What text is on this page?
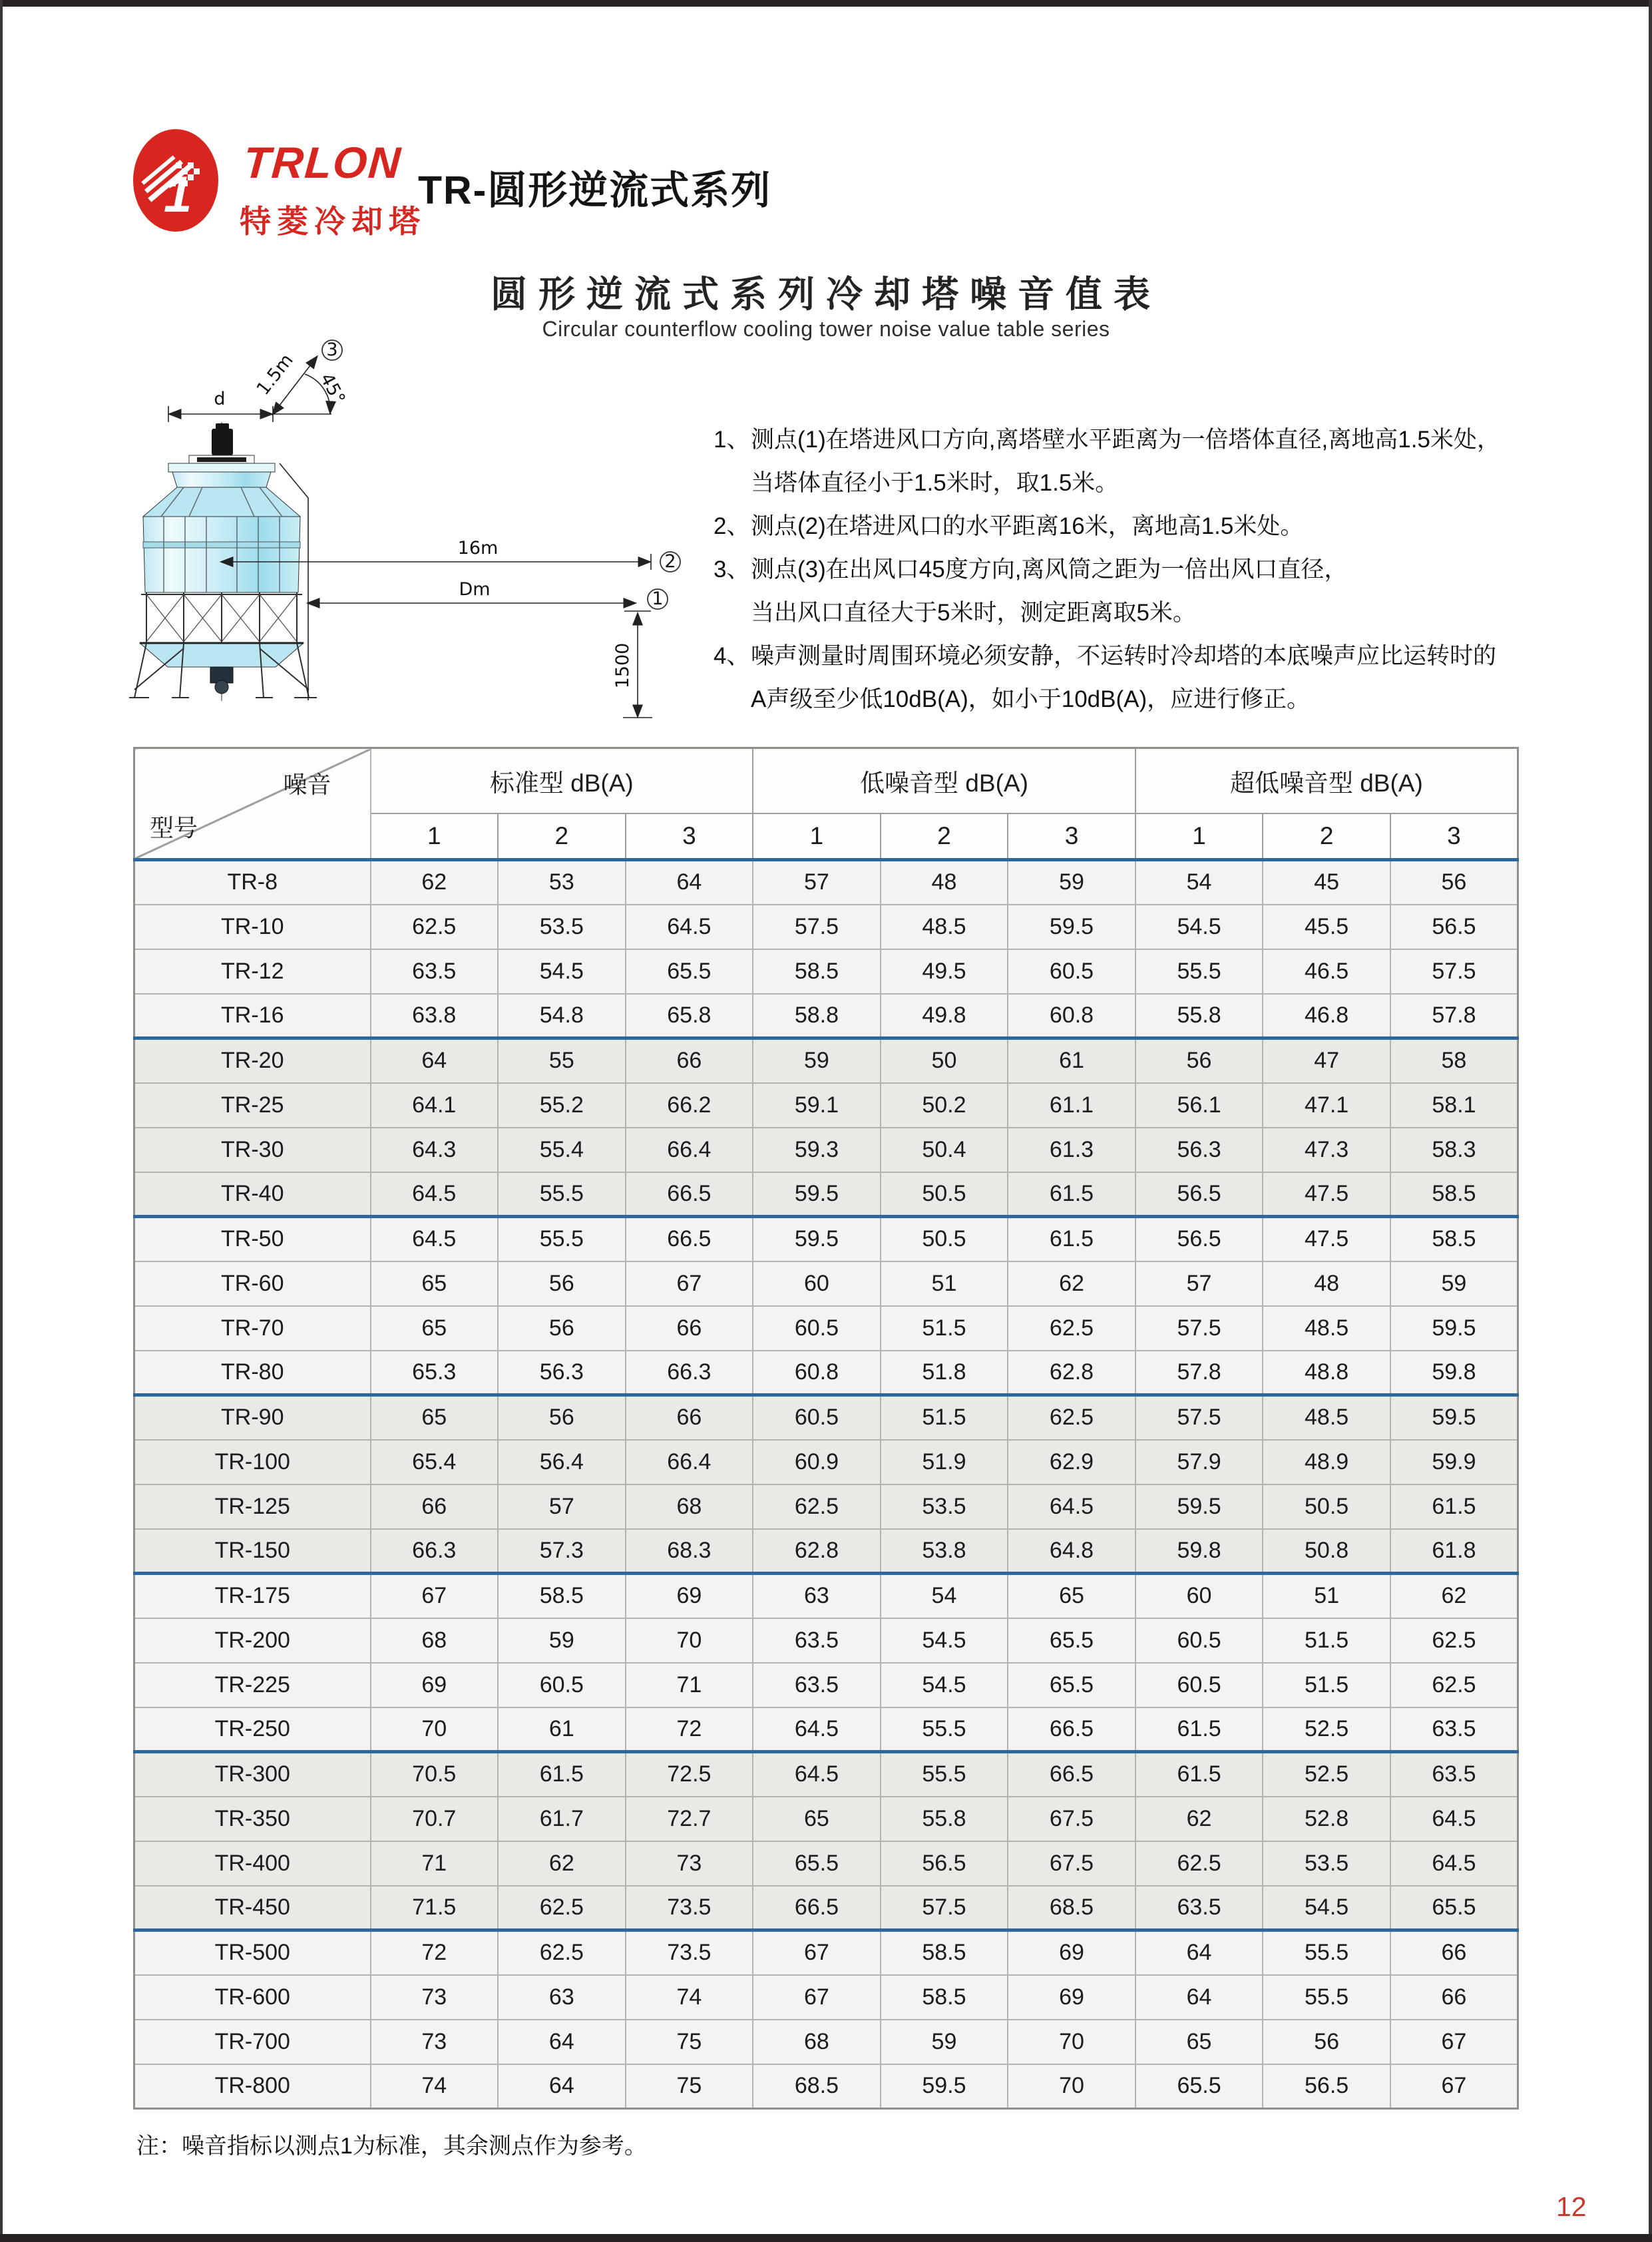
1
TRLON
特菱冷却塔
TR-圆形逆流式系列
圆形逆流式系列冷却塔噪音值表
Circular counterflow cooling tower noise value table series
d 1.5m 45°
3
16m
2
Dm	1
1500
1、 测点(1)在塔进风口方向,离塔壁水平距离为一倍塔体直径,离地高1.5米处，
当塔体直径小于1.5米时，取1.5米。
2、 测点(2)在塔进风口的水平距离16米，离地高1.5米处。
3、 测点(3)在出风口45度方向,离风筒之距为一倍出风口直径，
当出风口直径大于5米时，测定距离取5米。
4、 噪声测量时周围环境必须安静，不运转时冷却塔的本底噪声应比运转时的
A声级至少低10dB(A)，如小于10dB(A)，应进行修正。
噪音
型号	标准型 dB(A)			低噪音型 dB(A)			超低噪音型 dB(A)		
	1	2	3	1	2	3	1	2	3
TR-8	62	53	64	57	48	59	54	45	56
TR-10	62.5	53.5	64.5	57.5	48.5	59.5	54.5	45.5	56.5
TR-12	63.5	54.5	65.5	58.5	49.5	60.5	55.5	46.5	57.5
TR-16	63.8	54.8	65.8	58.8	49.8	60.8	55.8	46.8	57.8
TR-20	64	55	66	59	50	61	56	47	58
TR-25	64.1	55.2	66.2	59.1	50.2	61.1	56.1	47.1	58.1
TR-30	64.3	55.4	66.4	59.3	50.4	61.3	56.3	47.3	58.3
TR-40	64.5	55.5	66.5	59.5	50.5	61.5	56.5	47.5	58.5
TR-50	64.5	55.5	66.5	59.5	50.5	61.5	56.5	47.5	58.5
TR-60	65	56	67	60	51	62	57	48	59
TR-70	65	56	66	60.5	51.5	62.5	57.5	48.5	59.5
TR-80	65.3	56.3	66.3	60.8	51.8	62.8	57.8	48.8	59.8
TR-90	65	56	66	60.5	51.5	62.5	57.5	48.5	59.5
TR-100	65.4	56.4	66.4	60.9	51.9	62.9	57.9	48.9	59.9
TR-125	66	57	68	62.5	53.5	64.5	59.5	50.5	61.5
TR-150	66.3	57.3	68.3	62.8	53.8	64.8	59.8	50.8	61.8
TR-175	67	58.5	69	63	54	65	60	51	62
TR-200	68	59	70	63.5	54.5	65.5	60.5	51.5	62.5
TR-225	69	60.5	71	63.5	54.5	65.5	60.5	51.5	62.5
TR-250	70	61	72	64.5	55.5	66.5	61.5	52.5	63.5
TR-300	70.5	61.5	72.5	64.5	55.5	66.5	61.5	52.5	63.5
TR-350	70.7	61.7	72.7	65	55.8	67.5	62	52.8	64.5
TR-400	71	62	73	65.5	56.5	67.5	62.5	53.5	64.5
TR-450	71.5	62.5	73.5	66.5	57.5	68.5	63.5	54.5	65.5
TR-500	72	62.5	73.5	67	58.5	69	64	55.5	66
TR-600	73	63	74	67	58.5	69	64	55.5	66
TR-700	73	64	75	68	59	70	65	56	67
TR-800	74	64	75	68.5	59.5	70	65.5	56.5	67
注：噪音指标以测点1为标准，其余测点作为参考。
12
